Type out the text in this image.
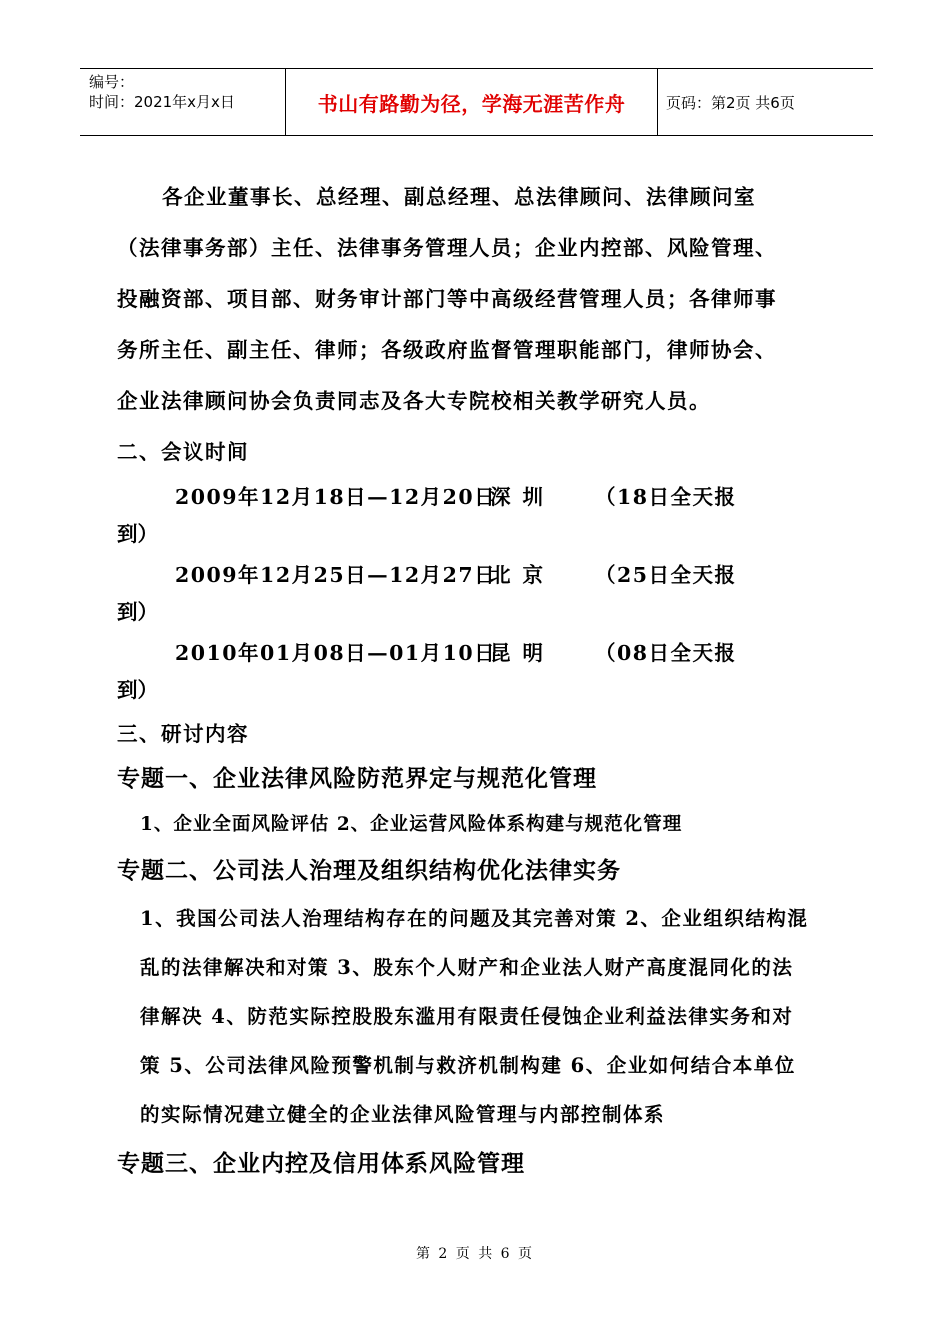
编号：
时间：2021年x月x日	书山有路勤为径，学海无涯苦作舟	页码：第2页 共6页

各企业董事长、总经理、副总经理、总法律顾问、法律顾问室

（法律事务部）主任、法律事务管理人员；企业内控部、风险管理、

投融资部、项目部、财务审计部门等中高级经营管理人员；各律师事

务所主任、副主任、律师；各级政府监督管理职能部门，律师协会、

企业法律顾问协会负责同志及各大专院校相关教学研究人员。

二、会议时间

2009年12月18日—12月20日
深圳	（18日全天报
到）
2009年12月25日—12月27日
北京	（25日全天报
到）
2010年01月08日—01月10日
昆明	（08日全天报
到）

三、研讨内容

专题一、企业法律风险防范界定与规范化管理

1、企业全面风险评估 2、企业运营风险体系构建与规范化管理

专题二、公司法人治理及组织结构优化法律实务

1、我国公司法人治理结构存在的问题及其完善对策 2、企业组织结构混

乱的法律解决和对策 3、股东个人财产和企业法人财产高度混同化的法

律解决 4、防范实际控股股东滥用有限责任侵蚀企业利益法律实务和对

策 5、公司法律风险预警机制与救济机制构建 6、企业如何结合本单位

的实际情况建立健全的企业法律风险管理与内部控制体系

专题三、企业内控及信用体系风险管理

第 2 页 共 6 页
